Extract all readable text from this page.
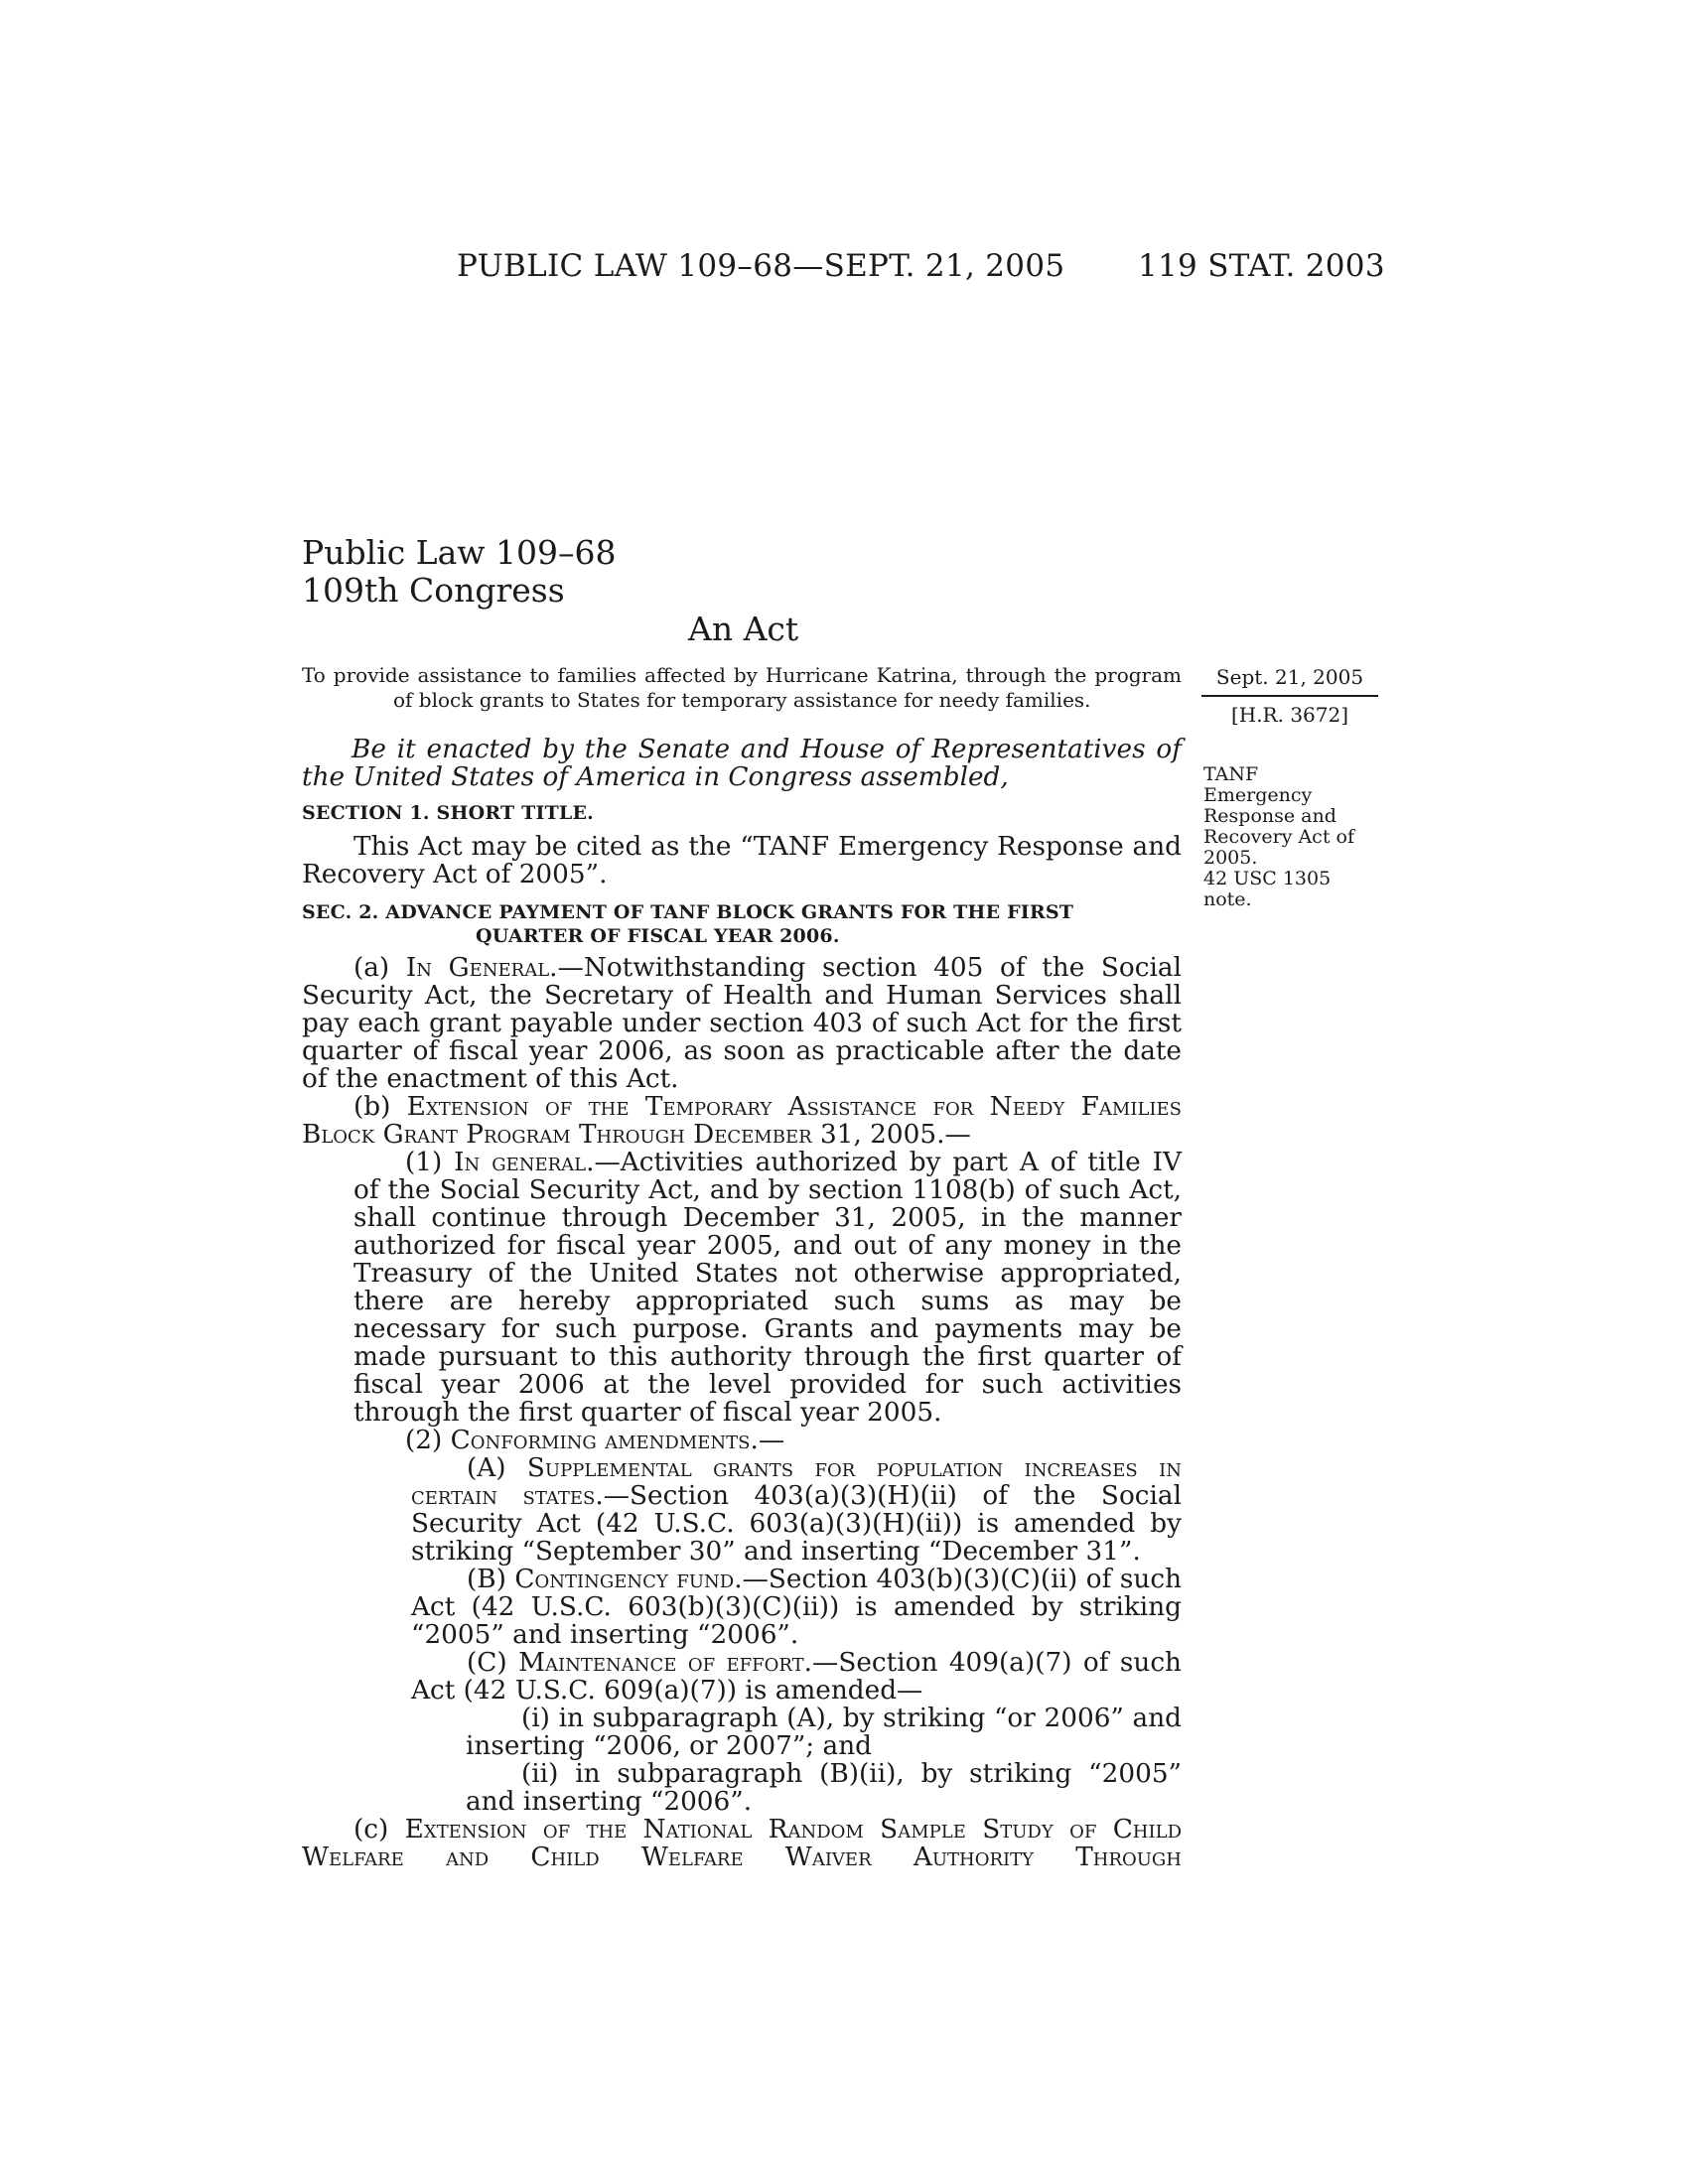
PUBLIC LAW 109–68—SEPT. 21, 2005 119 STAT. 2003
Public Law 109–68
109th Congress
An Act
To provide assistance to families affected by Hurricane Katrina, through the program
of block grants to States for temporary assistance for needy families.
Sept. 21, 2005
[H.R. 3672]
TANF
Emergency
Response and
Recovery Act of
2005.
42 USC 1305
note.

Be it enacted by the Senate and House of Representatives of the United States of America in Congress assembled,

SECTION 1. SHORT TITLE.

This Act may be cited as the “TANF Emergency Response and Recovery Act of 2005”.

SEC. 2. ADVANCE PAYMENT OF TANF BLOCK GRANTS FOR THE FIRST
QUARTER OF FISCAL YEAR 2006.

(a) In General.—Notwithstanding section 405 of the Social Security Act, the Secretary of Health and Human Services shall pay each grant payable under section 403 of such Act for the first quarter of fiscal year 2006, as soon as practicable after the date of the enactment of this Act.

(b) Extension of the Temporary Assistance for Needy Families Block Grant Program Through December 31, 2005.—

(1) In general.—Activities authorized by part A of title IV of the Social Security Act, and by section 1108(b) of such Act, shall continue through December 31, 2005, in the manner authorized for fiscal year 2005, and out of any money in the Treasury of the United States not otherwise appropriated, there are hereby appropriated such sums as may be necessary for such purpose. Grants and payments may be made pursuant to this authority through the first quarter of fiscal year 2006 at the level provided for such activities through the first quarter of fiscal year 2005.

(2) Conforming amendments.—

(A) Supplemental grants for population increases in certain states.—Section 403(a)(3)(H)(ii) of the Social Security Act (42 U.S.C. 603(a)(3)(H)(ii)) is amended by striking “September 30” and inserting “December 31”.

(B) Contingency fund.—Section 403(b)(3)(C)(ii) of such Act (42 U.S.C. 603(b)(3)(C)(ii)) is amended by striking “2005” and inserting “2006”.

(C) Maintenance of effort.—Section 409(a)(7) of such Act (42 U.S.C. 609(a)(7)) is amended—

(i) in subparagraph (A), by striking “or 2006” and inserting “2006, or 2007”; and

(ii) in subparagraph (B)(ii), by striking “2005” and inserting “2006”.

(c) Extension of the National Random Sample Study of Child Welfare and Child Welfare Waiver Authority Through
